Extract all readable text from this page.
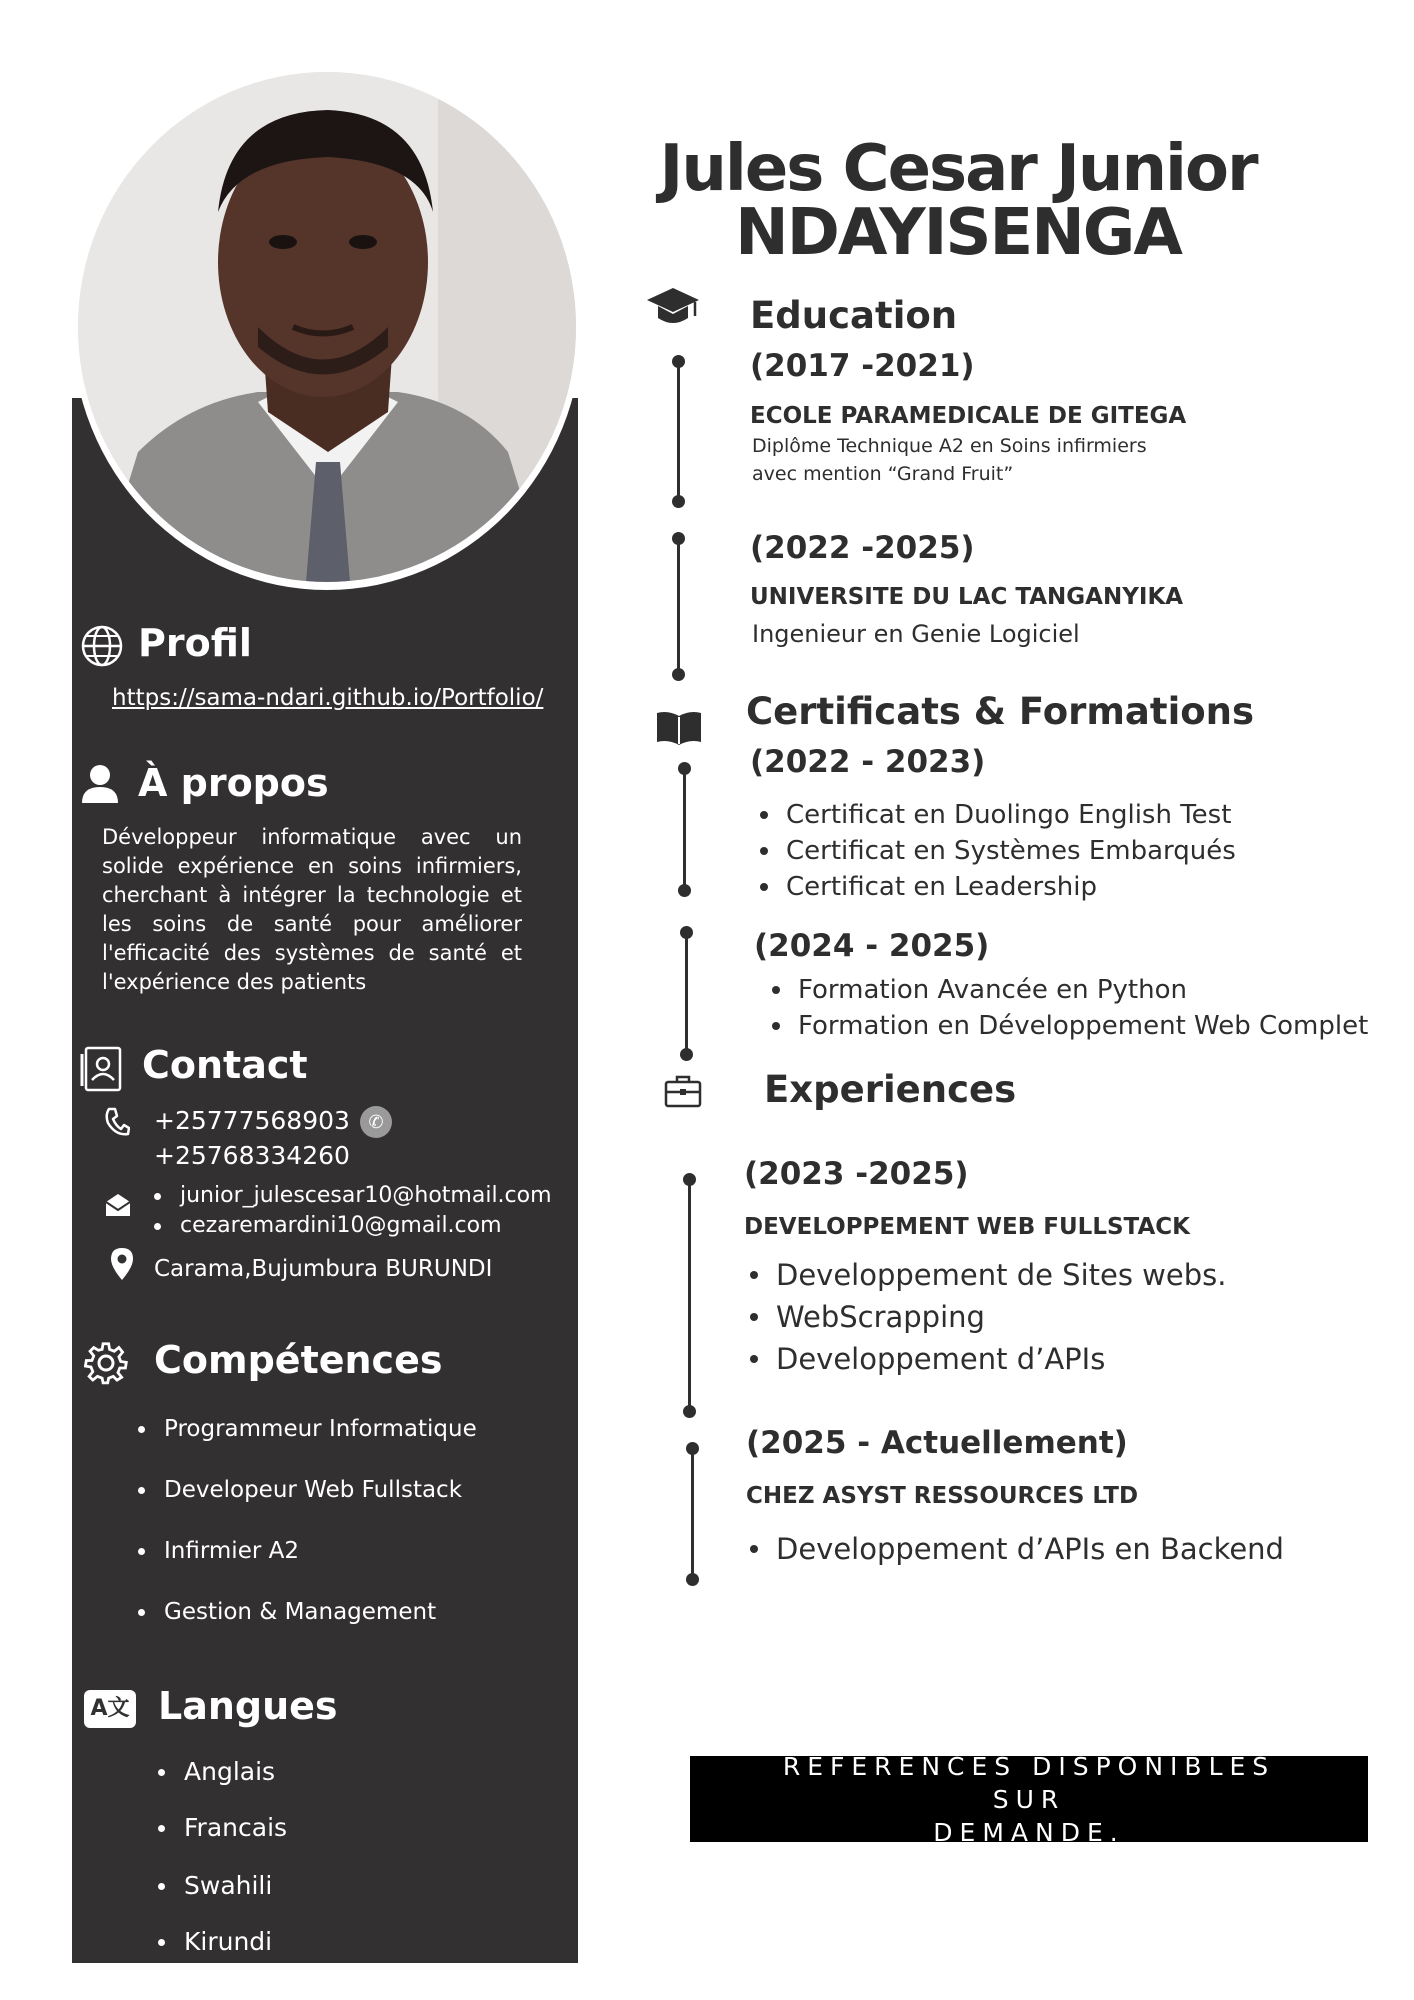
Profil
https://sama-ndari.github.io/Portfolio/
À propos
Développeur informatique avec un
solide expérience en soins infirmiers,
cherchant à intégrer la technologie et
les soins de santé pour améliorer
l'efficacité des systèmes de santé et
l'expérience des patients
Contact
+25777568903	✆
+25768334260
junior_julescesar10@hotmail.com
cezaremardini10@gmail.com
Carama,Bujumbura BURUNDI
Compétences
Programmeur Informatique
Developeur Web Fullstack
Infirmier A2
Gestion & Management
A文 Langues
Anglais
Francais
Swahili
Kirundi
Jules Cesar Junior
NDAYISENGA
Education
(2017 -2021)
ECOLE PARAMEDICALE DE GITEGA
Diplôme Technique A2 en Soins infirmiers
avec mention “Grand Fruit”
(2022 -2025)
UNIVERSITE DU LAC TANGANYIKA
Ingenieur en Genie Logiciel
Certificats & Formations
(2022 - 2023)
Certificat en Duolingo English Test
Certificat en Systèmes Embarqués
Certificat en Leadership
(2024 - 2025)
Formation Avancée en Python
Formation en Développement Web Complet
Experiences
(2023 -2025)
DEVELOPPEMENT WEB FULLSTACK
Developpement de Sites webs.
WebScrapping
Developpement d’APIs
(2025 - Actuellement)
CHEZ ASYST RESSOURCES LTD
Developpement d’APIs en Backend
RÉFÉRENCES DISPONIBLES SUR
DEMANDE.
